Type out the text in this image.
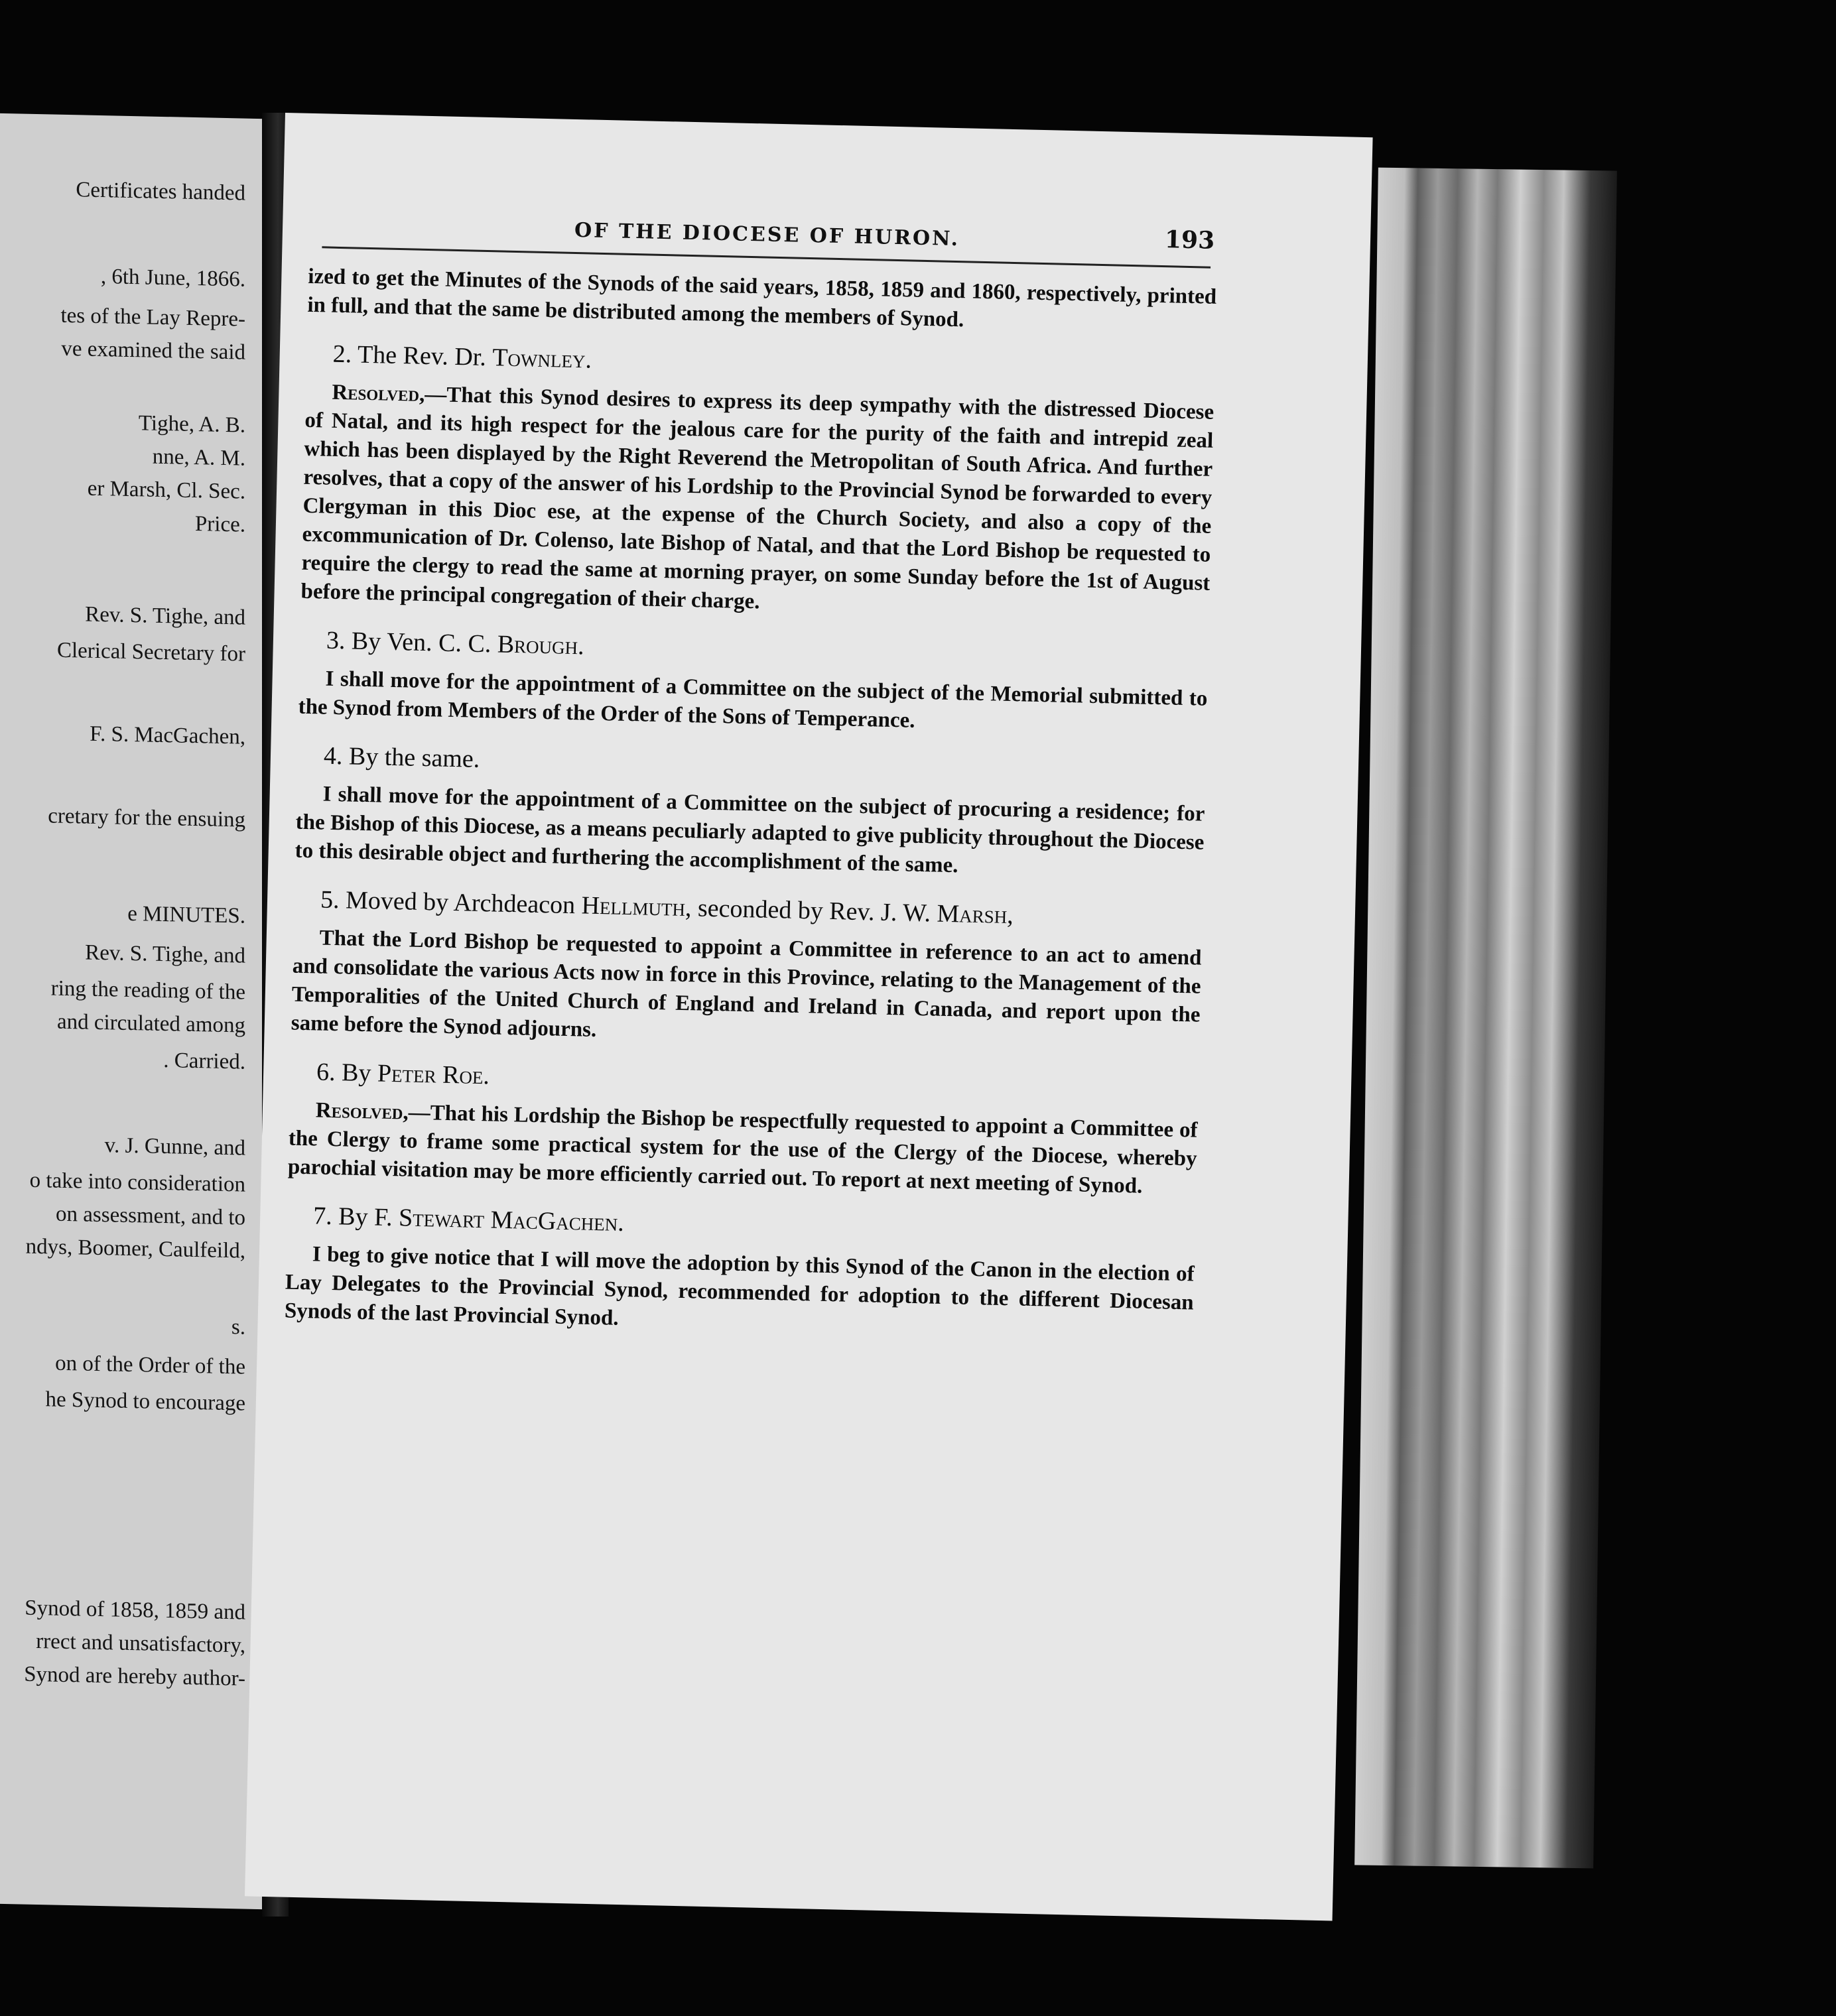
Certificates handed
, 6th June, 1866.
tes of the Lay Repre-
ve examined the said
Tighe, A. B.
nne, A. M.
er Marsh, Cl. Sec.
Price.
Rev. S. Tighe, and
Clerical Secretary for
F. S. MacGachen,
cretary for the ensuing
e MINUTES.
Rev. S. Tighe, and
ring the reading of the
and circulated among
. Carried.
v. J. Gunne, and
o take into consideration
on assessment, and to
ndys, Boomer, Caulfeild,
s.
on of the Order of the
he Synod to encourage
Synod of 1858, 1859 and
rrect and unsatisfactory,
Synod are hereby author-
OF THE DIOCESE OF HURON.	193

ized to get the Minutes of the Synods of the said years, 1858, 1859 and 1860, respectively, printed in full, and that the same be distributed among the members of Synod.

2. The Rev. Dr. Townley.

Resolved,—That this Synod desires to express its deep sympathy with the distressed Diocese of Natal, and its high respect for the jealous care for the purity of the faith and intrepid zeal which has been displayed by the Right Reverend the Metropolitan of South Africa. And further resolves, that a copy of the answer of his Lordship to the Provincial Synod be forwarded to every Clergyman in this Dioc ese, at the expense of the Church Society, and also a copy of the excommunication of Dr. Colenso, late Bishop of Natal, and that the Lord Bishop be requested to require the clergy to read the same at morning prayer, on some Sunday before the 1st of August before the principal congregation of their charge.

3. By Ven. C. C. Brough.

I shall move for the appointment of a Committee on the subject of the Memorial submitted to the Synod from Members of the Order of the Sons of Temperance.

4. By the same.

I shall move for the appointment of a Committee on the subject of procuring a residence; for the Bishop of this Diocese, as a means peculiarly adapted to give publicity throughout the Diocese to this desirable object and furthering the accomplishment of the same.

5. Moved by Archdeacon Hellmuth, seconded by Rev. J. W. Marsh,

That the Lord Bishop be requested to appoint a Committee in reference to an act to amend and consolidate the various Acts now in force in this Province, relating to the Management of the Temporalities of the United Church of England and Ireland in Canada, and report upon the same before the Synod adjourns.

6. By Peter Roe.

Resolved,—That his Lordship the Bishop be respectfully requested to appoint a Committee of the Clergy to frame some practical system for the use of the Clergy of the Diocese, whereby parochial visitation may be more efficiently carried out. To report at next meeting of Synod.

7. By F. Stewart MacGachen.

I beg to give notice that I will move the adoption by this Synod of the Canon in the election of Lay Delegates to the Provincial Synod, recommended for adoption to the different Diocesan Synods of the last Provincial Synod.
